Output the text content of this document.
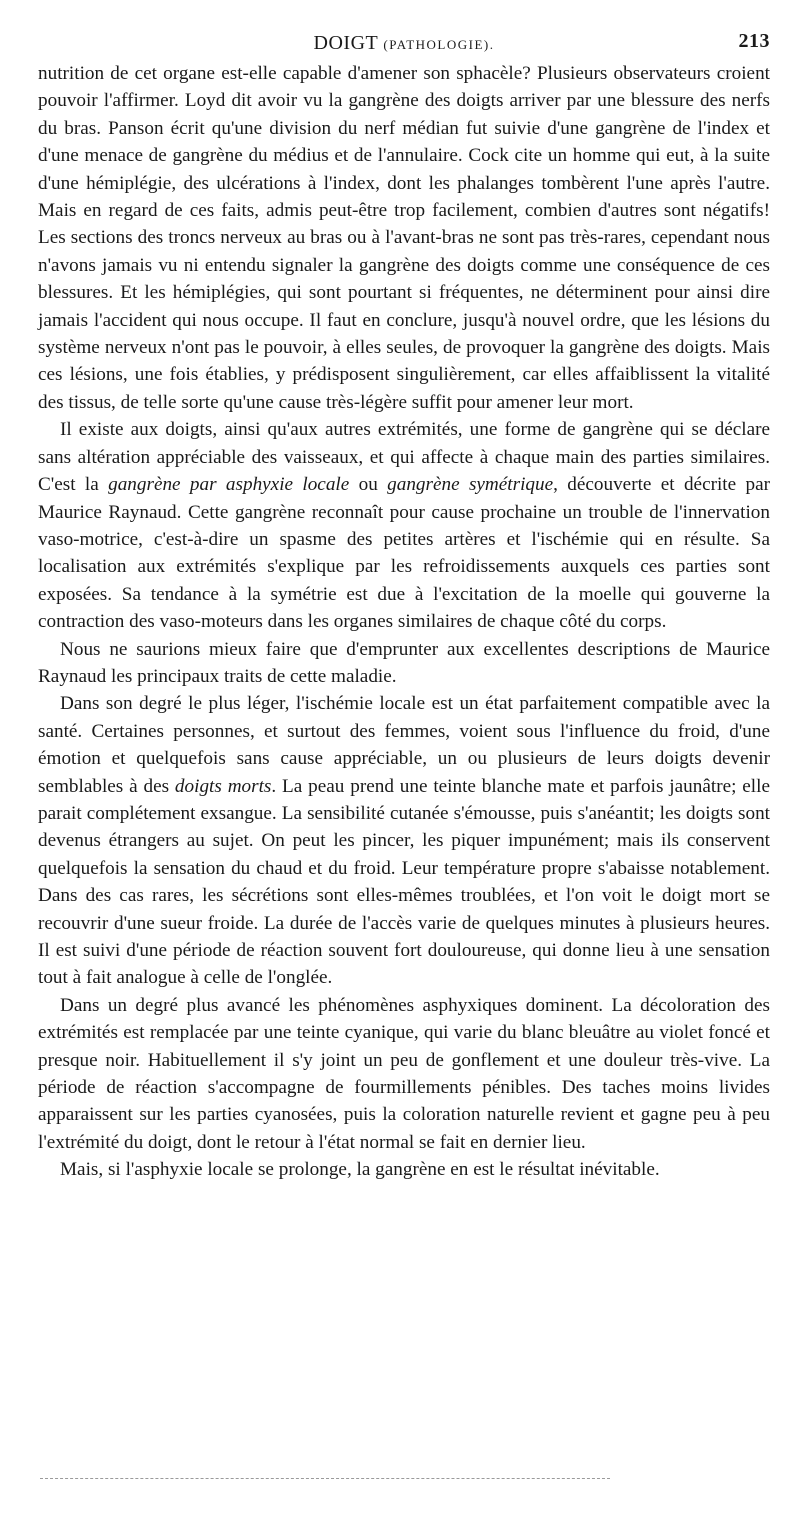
DOIGT (PATHOLOGIE).	213

nutrition de cet organe est-elle capable d'amener son sphacèle? Plusieurs observateurs croient pouvoir l'affirmer. Loyd dit avoir vu la gangrène des doigts arriver par une blessure des nerfs du bras. Panson écrit qu'une division du nerf médian fut suivie d'une gangrène de l'index et d'une menace de gangrène du médius et de l'annulaire. Cock cite un homme qui eut, à la suite d'une hémiplégie, des ulcérations à l'index, dont les phalanges tombèrent l'une après l'autre. Mais en regard de ces faits, admis peut-être trop facilement, combien d'autres sont négatifs! Les sections des troncs nerveux au bras ou à l'avant-bras ne sont pas très-rares, cependant nous n'avons jamais vu ni entendu signaler la gangrène des doigts comme une conséquence de ces blessures. Et les hémiplégies, qui sont pourtant si fréquentes, ne déterminent pour ainsi dire jamais l'accident qui nous occupe. Il faut en conclure, jusqu'à nouvel ordre, que les lésions du système nerveux n'ont pas le pouvoir, à elles seules, de provoquer la gangrène des doigts. Mais ces lésions, une fois établies, y prédisposent singulièrement, car elles affaiblissent la vitalité des tissus, de telle sorte qu'une cause très-légère suffit pour amener leur mort.

Il existe aux doigts, ainsi qu'aux autres extrémités, une forme de gangrène qui se déclare sans altération appréciable des vaisseaux, et qui affecte à chaque main des parties similaires. C'est la gangrène par asphyxie locale ou gangrène symétrique, découverte et décrite par Maurice Raynaud. Cette gangrène reconnaît pour cause prochaine un trouble de l'innervation vaso-motrice, c'est-à-dire un spasme des petites artères et l'ischémie qui en résulte. Sa localisation aux extrémités s'explique par les refroidissements auxquels ces parties sont exposées. Sa tendance à la symétrie est due à l'excitation de la moelle qui gouverne la contraction des vaso-moteurs dans les organes similaires de chaque côté du corps.

Nous ne saurions mieux faire que d'emprunter aux excellentes descriptions de Maurice Raynaud les principaux traits de cette maladie.

Dans son degré le plus léger, l'ischémie locale est un état parfaitement compatible avec la santé. Certaines personnes, et surtout des femmes, voient sous l'influence du froid, d'une émotion et quelquefois sans cause appréciable, un ou plusieurs de leurs doigts devenir semblables à des doigts morts. La peau prend une teinte blanche mate et parfois jaunâtre; elle parait complétement exsangue. La sensibilité cutanée s'émousse, puis s'anéantit; les doigts sont devenus étrangers au sujet. On peut les pincer, les piquer impunément; mais ils conservent quelquefois la sensation du chaud et du froid. Leur température propre s'abaisse notablement. Dans des cas rares, les sécrétions sont elles-mêmes troublées, et l'on voit le doigt mort se recouvrir d'une sueur froide. La durée de l'accès varie de quelques minutes à plusieurs heures. Il est suivi d'une période de réaction souvent fort douloureuse, qui donne lieu à une sensation tout à fait analogue à celle de l'onglée.

Dans un degré plus avancé les phénomènes asphyxiques dominent. La décoloration des extrémités est remplacée par une teinte cyanique, qui varie du blanc bleuâtre au violet foncé et presque noir. Habituellement il s'y joint un peu de gonflement et une douleur très-vive. La période de réaction s'accompagne de fourmillements pénibles. Des taches moins livides apparaissent sur les parties cyanosées, puis la coloration naturelle revient et gagne peu à peu l'extrémité du doigt, dont le retour à l'état normal se fait en dernier lieu.

Mais, si l'asphyxie locale se prolonge, la gangrène en est le résultat inévitable.
